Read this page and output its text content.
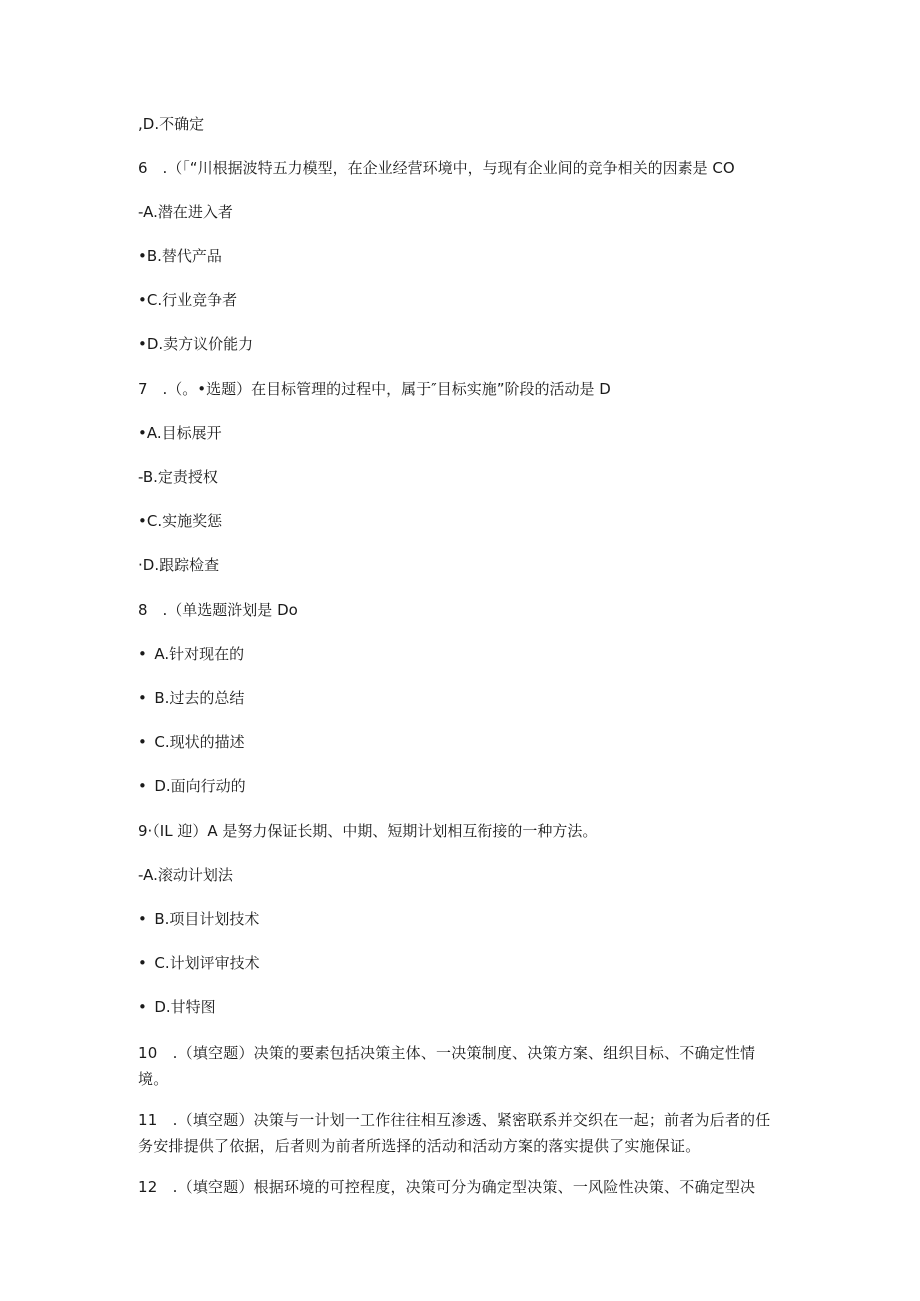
,D.不确定
6　.（「“川根据波特五力模型，在企业经营环境中，与现有企业间的竞争相关的因素是 CO
-A.潜在进入者
•B.替代产品
•C.行业竞争者
•D.卖方议价能力
7　.（。•选题）在目标管理的过程中，属于″目标实施”阶段的活动是 D
•A.目标展开
-B.定责授权
•C.实施奖惩
·D.跟踪检查
8　.（单选题浒划是 Do
• A.针对现在的
• B.过去的总结
• C.现状的描述
• D.面向行动的
9·（IL 迎）A 是努力保证长期、中期、短期计划相互衔接的一种方法。
-A.滚动计划法
• B.项目计划技术
• C.计划评审技术
• D.甘特图
10　.（填空题）决策的要素包括决策主体、一决策制度、决策方案、组织目标、不确定性情境。
11　.（填空题）决策与一计划一工作往往相互渗透、紧密联系并交织在一起；前者为后者的任务安排提供了依据，后者则为前者所选择的活动和活动方案的落实提供了实施保证。
12　.（填空题）根据环境的可控程度，决策可分为确定型决策、一风险性决策、不确定型决
